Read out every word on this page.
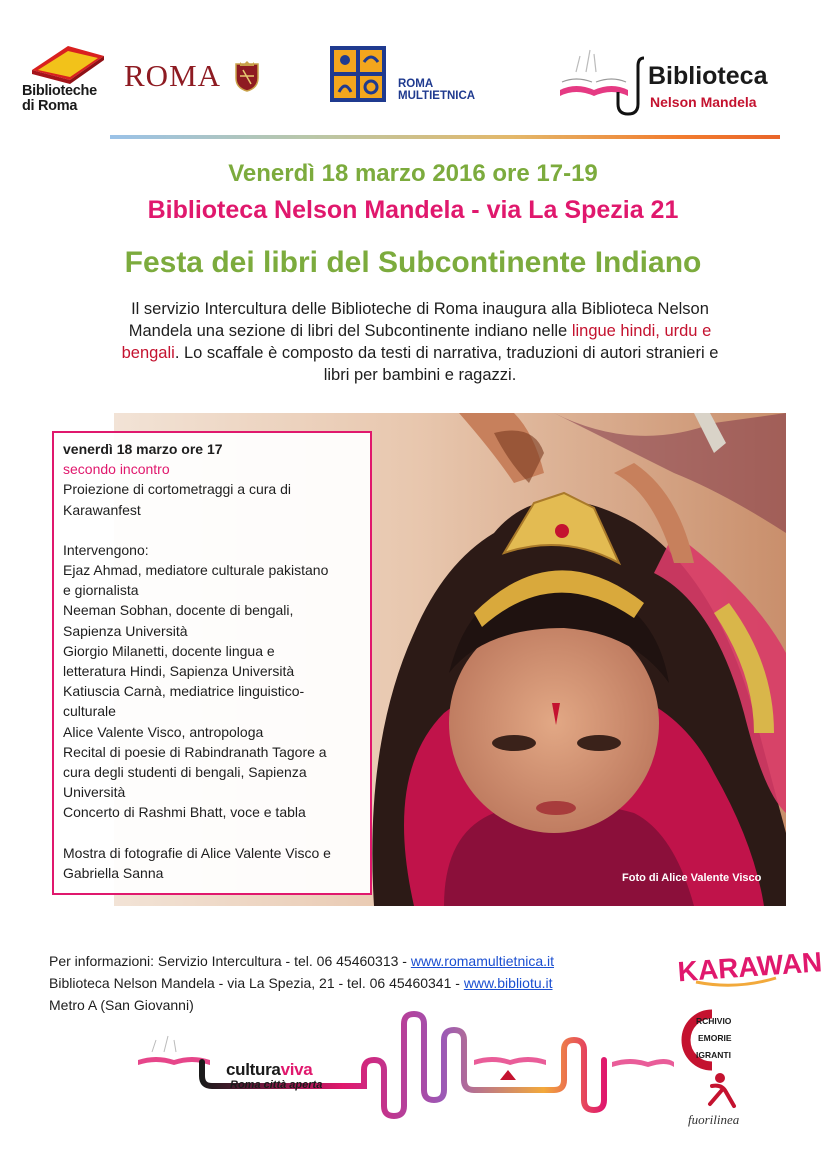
Biblioteche
di Roma
ROMA	ROMA
MULTIETNICA
Biblioteca
Nelson Mandela
Venerdì 18 marzo 2016 ore 17-19
Biblioteca Nelson Mandela - via La Spezia 21
Festa dei libri del Subcontinente Indiano
Il servizio Intercultura delle Biblioteche di Roma inaugura alla Biblioteca Nelson Mandela una sezione di libri del Subcontinente indiano nelle lingue hindi, urdu e bengali. Lo scaffale è composto da testi di narrativa, traduzioni di autori stranieri e libri per bambini e ragazzi.
Foto di Alice Valente Visco
venerdì 18 marzo ore 17
secondo incontro
Proiezione di cortometraggi a cura di
Karawanfest
Intervengono:
Ejaz Ahmad, mediatore culturale pakistano
e giornalista
Neeman Sobhan, docente di bengali,
Sapienza Università
Giorgio Milanetti, docente lingua e
letteratura Hindi, Sapienza Università
Katiuscia Carnà, mediatrice linguistico-
culturale
Alice Valente Visco, antropologa
Recital di poesie di Rabindranath Tagore a
cura degli studenti di bengali, Sapienza
Università
Concerto di Rashmi Bhatt, voce e tabla
Mostra di fotografie di Alice Valente Visco e
Gabriella Sanna
Per informazioni: Servizio Intercultura - tel. 06 45460313 - www.romamultietnica.it
Biblioteca Nelson Mandela - via La Spezia, 21 - tel. 06 45460341 - www.bibliotu.it
Metro A (San Giovanni)
culturaviva
Roma città aperta
KARAWAN
RCHIVIO
EMORIE
IGRANTI
fuorilinea
